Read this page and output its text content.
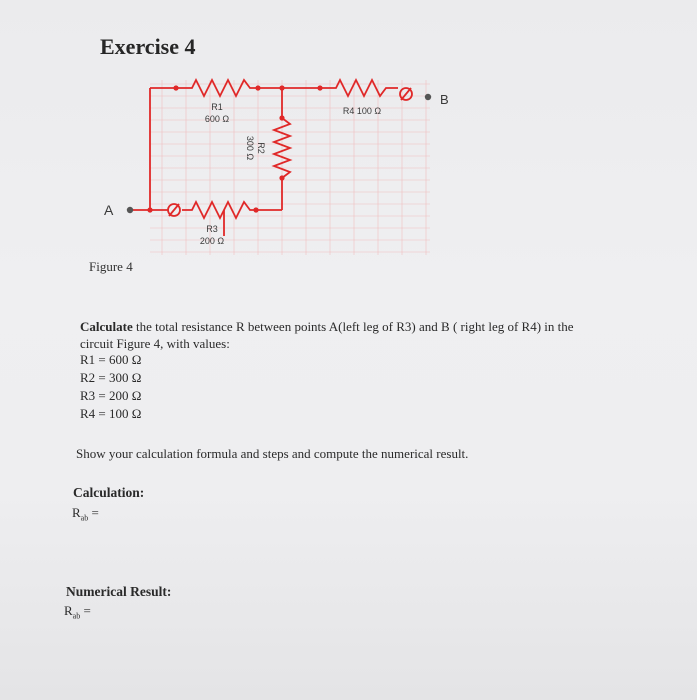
Exercise 4
A
B
R1
600 Ω
R4 100 Ω
R3
200 Ω
R2
300 Ω

Figure 4

Calculate the total resistance R between points A(left leg of R3) and B ( right leg of R4) in the
circuit Figure 4, with values:

R1 = 600 Ω

R2 = 300 Ω

R3 = 200 Ω

R4 = 100 Ω

Show your calculation formula and steps and compute the numerical result.

Calculation:

$R_{ab}$ =

Numerical Result:

$R_{ab}$ =
